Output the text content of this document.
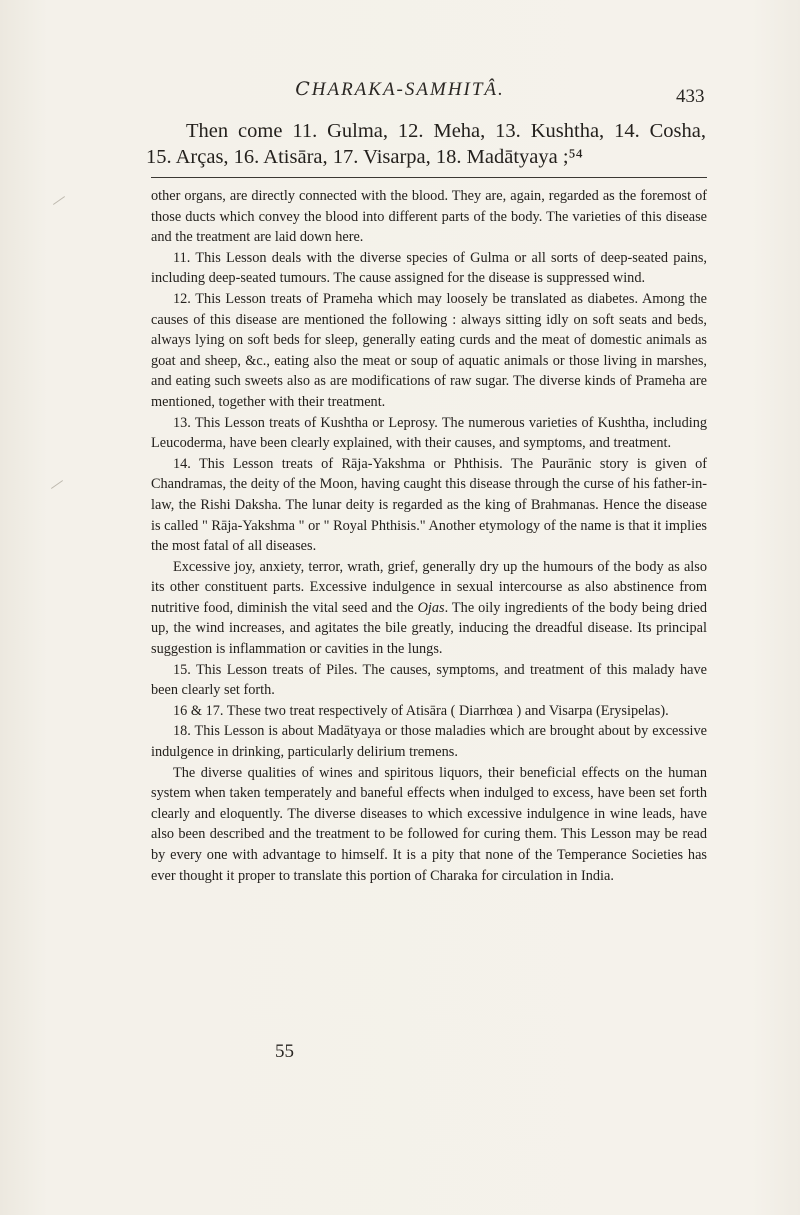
ⅭHARAKA-SAMHITÂ.	433
Then come 11. Gulma, 12. Meha, 13. Kushtha, 14. Cosha,
15. Arças, 16. Atisāra, 17. Visarpa, 18. Madātyaya ;⁵⁴

other organs, are directly connected with the blood. They are, again, regarded as the foremost of those ducts which convey the blood into different parts of the body. The varieties of this disease and the treatment are laid down here.

11. This Lesson deals with the diverse species of Gulma or all sorts of deep-seated pains, including deep-seated tumours. The cause assigned for the disease is suppressed wind.

12. This Lesson treats of Prameha which may loosely be translated as diabetes. Among the causes of this disease are mentioned the following : always sitting idly on soft seats and beds, always lying on soft beds for sleep, generally eating curds and the meat of domestic animals as goat and sheep, &c., eating also the meat or soup of aquatic animals or those living in marshes, and eating such sweets also as are modifications of raw sugar. The diverse kinds of Prameha are mentioned, together with their treatment.

13. This Lesson treats of Kushtha or Leprosy. The numerous varieties of Kushtha, including Leucoderma, have been clearly explained, with their causes, and symptoms, and treatment.

14. This Lesson treats of Rāja-Yakshma or Phthisis. The Paurānic story is given of Chandramas, the deity of the Moon, having caught this disease through the curse of his father-in-law, the Rishi Daksha. The lunar deity is regarded as the king of Brahmanas. Hence the disease is called " Rāja-Yakshma " or " Royal Phthisis." Another etymology of the name is that it implies the most fatal of all diseases.

Excessive joy, anxiety, terror, wrath, grief, generally dry up the humours of the body as also its other constituent parts. Excessive indulgence in sexual intercourse as also abstinence from nutritive food, diminish the vital seed and the Ojas. The oily ingredients of the body being dried up, the wind increases, and agitates the bile greatly, inducing the dreadful disease. Its principal suggestion is inflammation or cavities in the lungs.

15. This Lesson treats of Piles. The causes, symptoms, and treatment of this malady have been clearly set forth.

16 & 17. These two treat respectively of Atisāra ( Diarrhœa ) and Visarpa (Erysipelas).

18. This Lesson is about Madātyaya or those maladies which are brought about by excessive indulgence in drinking, particularly delirium tremens.

The diverse qualities of wines and spiritous liquors, their beneficial effects on the human system when taken temperately and baneful effects when indulged to excess, have been set forth clearly and eloquently. The diverse diseases to which excessive indulgence in wine leads, have also been described and the treatment to be followed for curing them. This Lesson may be read by every one with advantage to himself. It is a pity that none of the Temperance Societies has ever thought it proper to translate this portion of Charaka for circulation in India.

55
